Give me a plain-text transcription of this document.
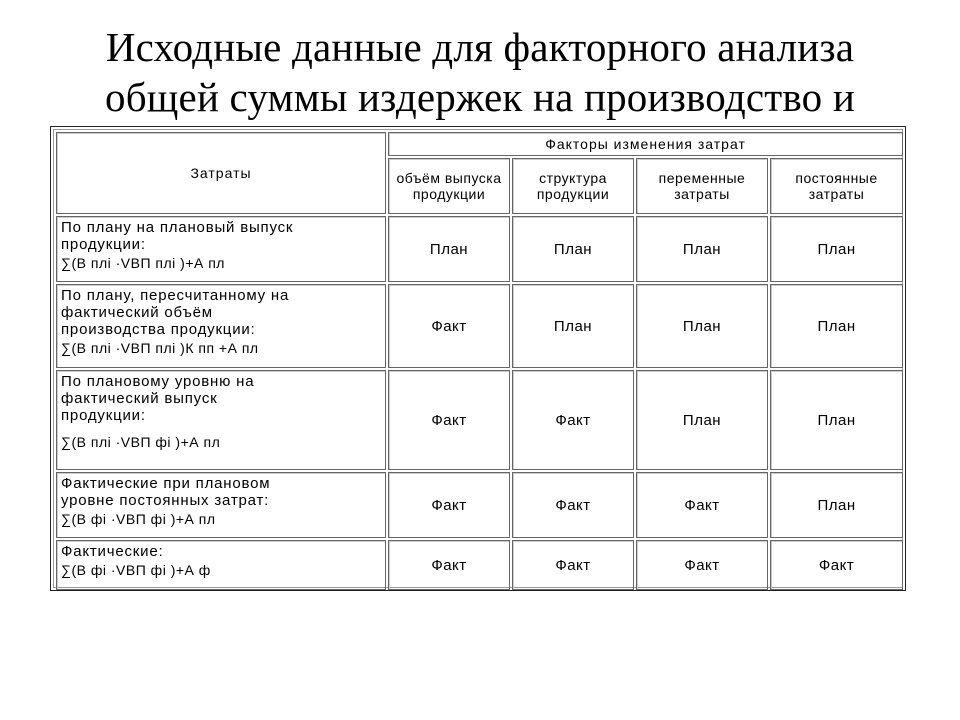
Исходные данные для факторного анализа
общей суммы издержек на производство и
Затраты	Факторы изменения затрат			
	объём выпуска продукции	структура продукции	переменные затраты	постоянные затраты

По плану на плановый выпуск
продукции:
∑(В плi ·VBП плi )+А пл	План	План	План	План

По плану, пересчитанному на
фактический объём
производства продукции:
∑(В плi ·VBП плi )К пп +А пл	Факт	План	План	План

По плановому уровню на
фактический выпуск
продукции:
∑(В плi ·VBП фi )+А пл	Факт	Факт	План	План

Фактические при плановом
уровне постоянных затрат:
∑(В фi ·VBП фi )+А пл	Факт	Факт	Факт	План

Фактические:
∑(В фi ·VBП фi )+А ф	Факт	Факт	Факт	Факт
